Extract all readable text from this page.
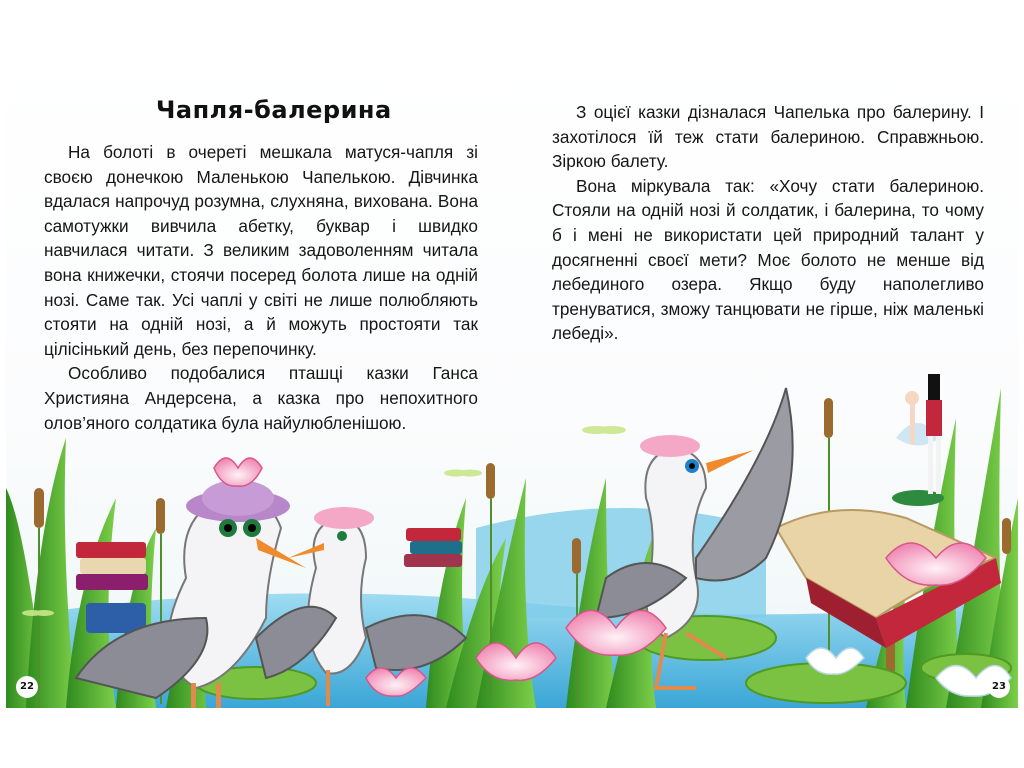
Чапля-балерина

На болоті в очереті мешкала матуся-чапля зі своєю донечкою Маленькою Чапелькою. Дівчинка вдалася напрочуд розумна, слухняна, вихована. Вона самотужки вивчила абетку, буквар і швидко навчилася читати. З великим задоволенням читала вона книжечки, стоячи посеред болота лише на одній нозі. Саме так. Усі чаплі у світі не лише полюбляють стояти на одній нозі, а й можуть простояти так цілісінький день, без перепочинку.

Особливо подобалися пташці казки Ганса Християна Андерсена, а казка про непохитного олов’яного солдатика була найулюбленішою.

З оцієї казки дізналася Чапелька про балерину. І захотілося їй теж стати балериною. Справжньою. Зіркою балету.

Вона міркувала так: «Хочу стати балериною. Стояли на одній нозі й солдатик, і балерина, то чому б і мені не використати цей природний талант у досягненні своєї мети? Моє болото не менше від лебединого озера. Якщо буду наполегливо тренуватися, зможу танцювати не гірше, ніж маленькі лебеді».

22	23
